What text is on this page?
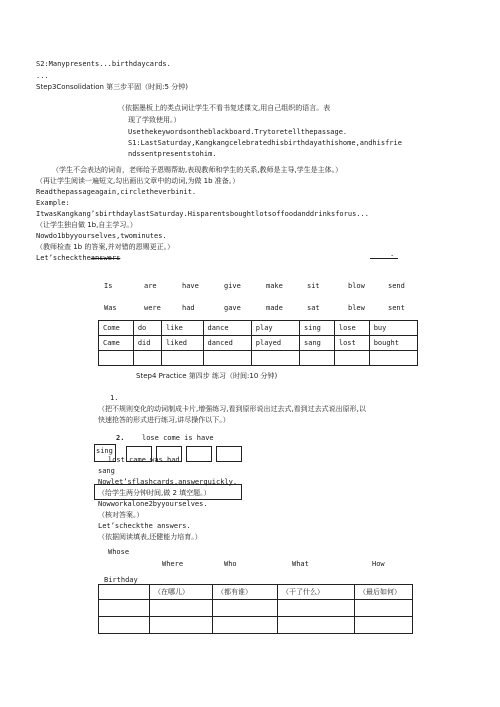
S2:Manypresents...birthdaycards.
...
Step3Consolidation 第三步平固（时间:5 分钟)
（依据墨板上的类点词让学生不看书复述课文,用自己组织的语言。表
现了学致使用。）
Usethekeywordsontheblackboard.Trytoretellthepassage.
S1:LastSaturday,Kangkangcelebratedhisbirthdayathishome,andhisfrie
ndssentpresentstohim.
（学生不会表达的词肯，老师给予恩赐帮助,表现教师和学生的关系,教师是主导,学生是主体。）
（再让学生阅读一遍短文,勾出画出文章中的动词,为做 1b 准备。）
Readthepassageagain,circletheverbinit.
Example:
ItwasKangkang’sbirthdaylastSaturday.Hisparentsboughtlotsoffoodanddrinksforus...
（让学生独自做 1b,自主学习。）
Nowdo1bbyyourselves,twominutes.
（教师检查 1b 的答案,并对错的恩赐更正。）
Let’schecktheanswers	.
Is	are	have	give	make	sit	blow	send
Was	were	had	gave	made	sat	blew	sent
Come	do	like	dance	play	sing	lose	buy
Came	did	liked	danced	played	sang	lost	bought

Step4 Practice 第四步 练习（时间:10 分钟)
1.
（把不规则变化的动词制成卡片,增强练习,看到原形说出过去式,看到过去式说出原形,以
快速抢答的形式进行练习,讲尽操作以下。）
2.	lose come is have
sing
lost came was had
sang
Nowlet’sflashcards,answerquickly.
（给学生两分钟时间,做 2 填空题。）
Nowworkalone2byyourselves.
（核对答案。）
Let’scheckthe answers.
（依据阅读填表,还健能力培育。）
Whose
Where	Who	What	How
Birthday
	（在哪儿）	（都有谁）	（干了什么）	（最后如何）
